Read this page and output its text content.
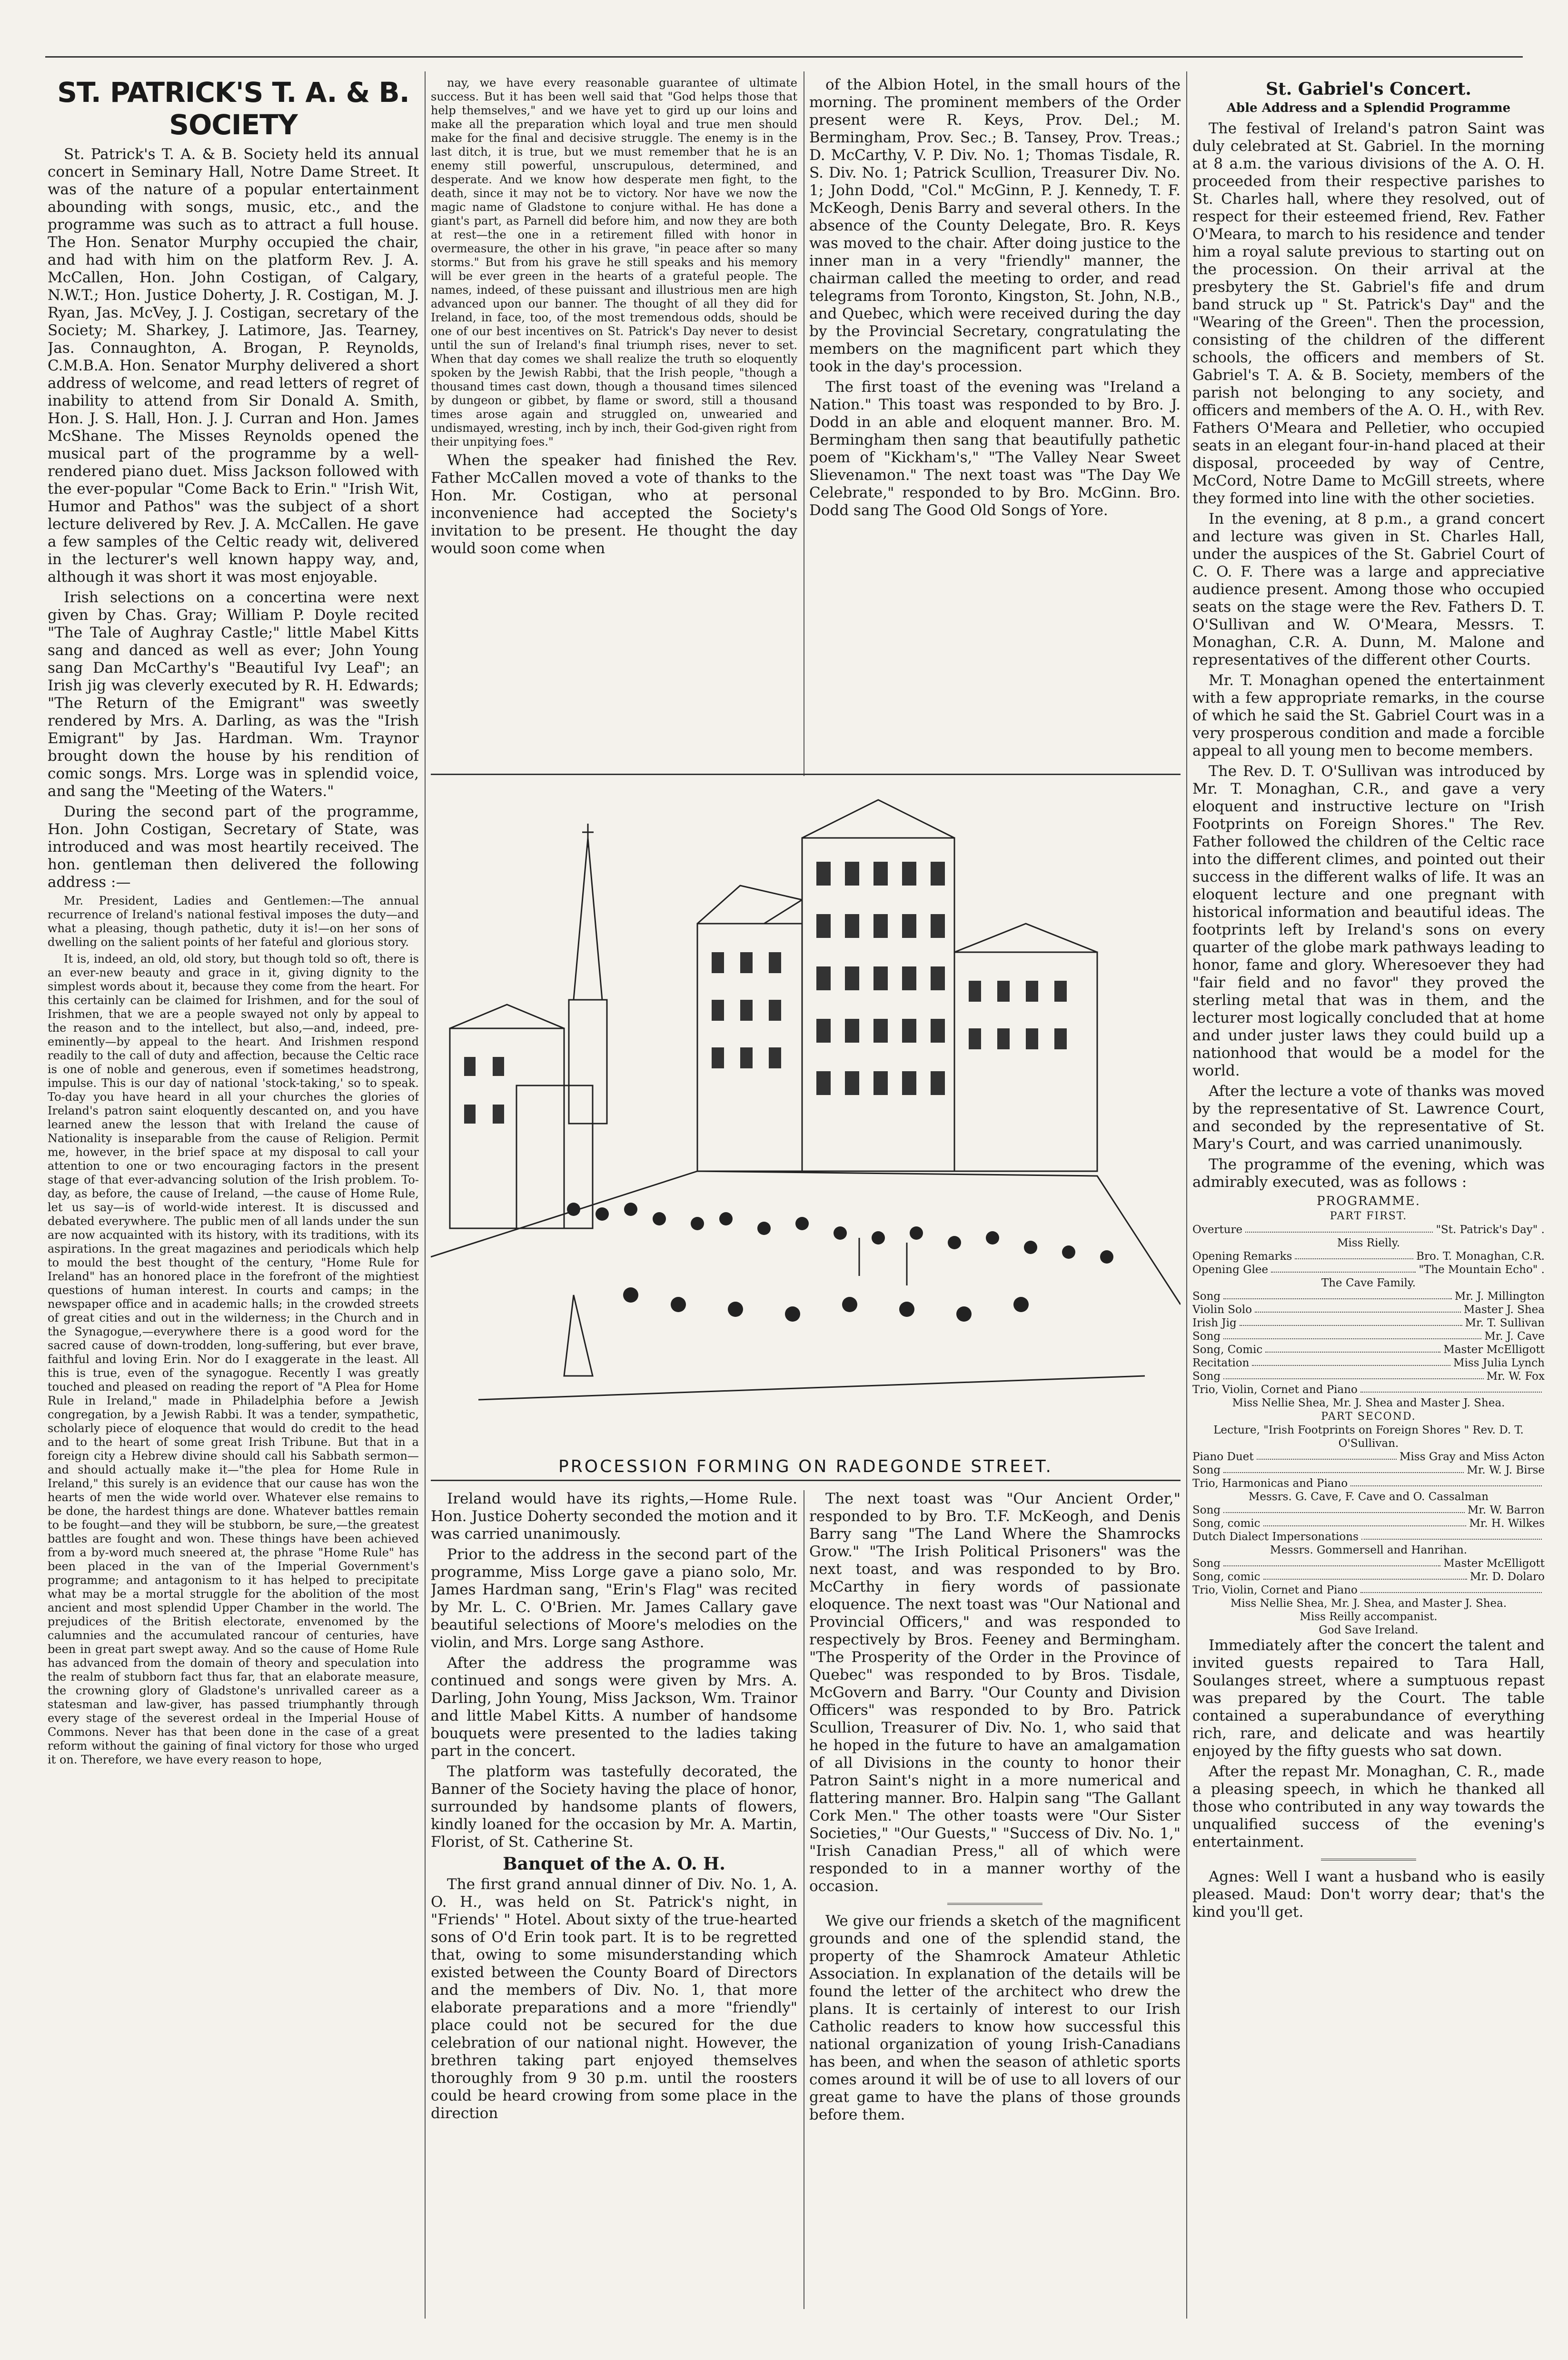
ST. PATRICK'S T. A. & B. SOCIETY

St. Patrick's T. A. & B. Society held its annual concert in Seminary Hall, Notre Dame Street. It was of the nature of a popular entertainment abounding with songs, music, etc., and the programme was such as to attract a full house. The Hon. Senator Murphy occupied the chair, and had with him on the platform Rev. J. A. McCallen, Hon. John Costigan, of Calgary, N.W.T.; Hon. Justice Doherty, J. R. Costigan, M. J. Ryan, Jas. McVey, J. J. Costigan, secretary of the Society; M. Sharkey, J. Latimore, Jas. Tearney, Jas. Connaughton, A. Brogan, P. Reynolds, C.M.B.A. Hon. Senator Murphy delivered a short address of welcome, and read letters of regret of inability to attend from Sir Donald A. Smith, Hon. J. S. Hall, Hon. J. J. Curran and Hon. James McShane. The Misses Reynolds opened the musical part of the programme by a well-rendered piano duet. Miss Jackson followed with the ever-popular "Come Back to Erin." "Irish Wit, Humor and Pathos" was the subject of a short lecture delivered by Rev. J. A. McCallen. He gave a few samples of the Celtic ready wit, delivered in the lecturer's well known happy way, and, although it was short it was most enjoyable.

Irish selections on a concertina were next given by Chas. Gray; William P. Doyle recited "The Tale of Aughray Castle;" little Mabel Kitts sang and danced as well as ever; John Young sang Dan McCarthy's "Beautiful Ivy Leaf"; an Irish jig was cleverly executed by R. H. Edwards; "The Return of the Emigrant" was sweetly rendered by Mrs. A. Darling, as was the "Irish Emigrant" by Jas. Hardman. Wm. Traynor brought down the house by his rendition of comic songs. Mrs. Lorge was in splendid voice, and sang the "Meeting of the Waters."

During the second part of the programme, Hon. John Costigan, Secretary of State, was introduced and was most heartily received. The hon. gentleman then delivered the following address :—

Mr. President, Ladies and Gentlemen:—The annual recurrence of Ireland's national festival imposes the duty—and what a pleasing, though pathetic, duty it is!—on her sons of dwelling on the salient points of her fateful and glorious story.

It is, indeed, an old, old story, but though told so oft, there is an ever-new beauty and grace in it, giving dignity to the simplest words about it, because they come from the heart. For this certainly can be claimed for Irishmen, and for the soul of Irishmen, that we are a people swayed not only by appeal to the reason and to the intellect, but also,—and, indeed, pre-eminently—by appeal to the heart. And Irishmen respond readily to the call of duty and affection, because the Celtic race is one of noble and generous, even if sometimes headstrong, impulse. This is our day of national 'stock-taking,' so to speak. To-day you have heard in all your churches the glories of Ireland's patron saint eloquently descanted on, and you have learned anew the lesson that with Ireland the cause of Nationality is inseparable from the cause of Religion. Permit me, however, in the brief space at my disposal to call your attention to one or two encouraging factors in the present stage of that ever-advancing solution of the Irish problem. To-day, as before, the cause of Ireland, —the cause of Home Rule, let us say—is of world-wide interest. It is discussed and debated everywhere. The public men of all lands under the sun are now acquainted with its history, with its traditions, with its aspirations. In the great magazines and periodicals which help to mould the best thought of the century, "Home Rule for Ireland" has an honored place in the forefront of the mightiest questions of human interest. In courts and camps; in the newspaper office and in academic halls; in the crowded streets of great cities and out in the wilderness; in the Church and in the Synagogue,—everywhere there is a good word for the sacred cause of down-trodden, long-suffering, but ever brave, faithful and loving Erin. Nor do I exaggerate in the least. All this is true, even of the synagogue. Recently I was greatly touched and pleased on reading the report of "A Plea for Home Rule in Ireland," made in Philadelphia before a Jewish congregation, by a Jewish Rabbi. It was a tender, sympathetic, scholarly piece of eloquence that would do credit to the head and to the heart of some great Irish Tribune. But that in a foreign city a Hebrew divine should call his Sabbath sermon—and should actually make it—"the plea for Home Rule in Ireland," this surely is an evidence that our cause has won the hearts of men the wide world over. Whatever else remains to be done, the hardest things are done. Whatever battles remain to be fought—and they will be stubborn, be sure,—the greatest battles are fought and won. These things have been achieved from a by-word much sneered at, the phrase "Home Rule" has been placed in the van of the Imperial Government's programme; and antagonism to it has helped to precipitate what may be a mortal struggle for the abolition of the most ancient and most splendid Upper Chamber in the world. The prejudices of the British electorate, envenomed by the calumnies and the accumulated rancour of centuries, have been in great part swept away. And so the cause of Home Rule has advanced from the domain of theory and speculation into the realm of stubborn fact thus far, that an elaborate measure, the crowning glory of Gladstone's unrivalled career as a statesman and law-giver, has passed triumphantly through every stage of the severest ordeal in the Imperial House of Commons. Never has that been done in the case of a great reform without the gaining of final victory for those who urged it on. Therefore, we have every reason to hope,

nay, we have every reasonable guarantee of ultimate success. But it has been well said that "God helps those that help themselves," and we have yet to gird up our loins and make all the preparation which loyal and true men should make for the final and decisive struggle. The enemy is in the last ditch, it is true, but we must remember that he is an enemy still powerful, unscrupulous, determined, and desperate. And we know how desperate men fight, to the death, since it may not be to victory. Nor have we now the magic name of Gladstone to conjure withal. He has done a giant's part, as Parnell did before him, and now they are both at rest—the one in a retirement filled with honor in overmeasure, the other in his grave, "in peace after so many storms." But from his grave he still speaks and his memory will be ever green in the hearts of a grateful people. The names, indeed, of these puissant and illustrious men are high advanced upon our banner. The thought of all they did for Ireland, in face, too, of the most tremendous odds, should be one of our best incentives on St. Patrick's Day never to desist until the sun of Ireland's final triumph rises, never to set. When that day comes we shall realize the truth so eloquently spoken by the Jewish Rabbi, that the Irish people, "though a thousand times cast down, though a thousand times silenced by dungeon or gibbet, by flame or sword, still a thousand times arose again and struggled on, unwearied and undismayed, wresting, inch by inch, their God-given right from their unpitying foes."

When the speaker had finished the Rev. Father McCallen moved a vote of thanks to the Hon. Mr. Costigan, who at personal inconvenience had accepted the Society's invitation to be present. He thought the day would soon come when

of the Albion Hotel, in the small hours of the morning. The prominent members of the Order present were R. Keys, Prov. Del.; M. Bermingham, Prov. Sec.; B. Tansey, Prov. Treas.; D. McCarthy, V. P. Div. No. 1; Thomas Tisdale, R. S. Div. No. 1; Patrick Scullion, Treasurer Div. No. 1; John Dodd, "Col." McGinn, P. J. Kennedy, T. F. McKeogh, Denis Barry and several others. In the absence of the County Delegate, Bro. R. Keys was moved to the chair. After doing justice to the inner man in a very "friendly" manner, the chairman called the meeting to order, and read telegrams from Toronto, Kingston, St. John, N.B., and Quebec, which were received during the day by the Provincial Secretary, congratulating the members on the magnificent part which they took in the day's procession.

The first toast of the evening was "Ireland a Nation." This toast was responded to by Bro. J. Dodd in an able and eloquent manner. Bro. M. Bermingham then sang that beautifully pathetic poem of "Kickham's," "The Valley Near Sweet Slievenamon." The next toast was "The Day We Celebrate," responded to by Bro. McGinn. Bro. Dodd sang The Good Old Songs of Yore.

PROCESSION FORMING ON RADEGONDE STREET.

Ireland would have its rights,—Home Rule. Hon. Justice Doherty seconded the motion and it was carried unanimously.

Prior to the address in the second part of the programme, Miss Lorge gave a piano solo, Mr. James Hardman sang, "Erin's Flag" was recited by Mr. L. C. O'Brien. Mr. James Callary gave beautiful selections of Moore's melodies on the violin, and Mrs. Lorge sang Asthore.

After the address the programme was continued and songs were given by Mrs. A. Darling, John Young, Miss Jackson, Wm. Trainor and little Mabel Kitts. A number of handsome bouquets were presented to the ladies taking part in the concert.

The platform was tastefully decorated, the Banner of the Society having the place of honor, surrounded by handsome plants of flowers, kindly loaned for the occasion by Mr. A. Martin, Florist, of St. Catherine St.

Banquet of the A. O. H.

The first grand annual dinner of Div. No. 1, A. O. H., was held on St. Patrick's night, in "Friends' " Hotel. About sixty of the true-hearted sons of O'd Erin took part. It is to be regretted that, owing to some misunderstanding which existed between the County Board of Directors and the members of Div. No. 1, that more elaborate preparations and a more "friendly" place could not be secured for the due celebration of our national night. However, the brethren taking part enjoyed themselves thoroughly from 9 30 p.m. until the roosters could be heard crowing from some place in the direction

The next toast was "Our Ancient Order," responded to by Bro. T.F. McKeogh, and Denis Barry sang "The Land Where the Shamrocks Grow." "The Irish Political Prisoners" was the next toast, and was responded to by Bro. McCarthy in fiery words of passionate eloquence. The next toast was "Our National and Provincial Officers," and was responded to respectively by Bros. Feeney and Bermingham. "The Prosperity of the Order in the Province of Quebec" was responded to by Bros. Tisdale, McGovern and Barry. "Our County and Division Officers" was responded to by Bro. Patrick Scullion, Treasurer of Div. No. 1, who said that he hoped in the future to have an amalgamation of all Divisions in the county to honor their Patron Saint's night in a more numerical and flattering manner. Bro. Halpin sang "The Gallant Cork Men." The other toasts were "Our Sister Societies," "Our Guests," "Success of Div. No. 1," "Irish Canadian Press," all of which were responded to in a manner worthy of the occasion.

We give our friends a sketch of the magnificent grounds and one of the splendid stand, the property of the Shamrock Amateur Athletic Association. In explanation of the details will be found the letter of the architect who drew the plans. It is certainly of interest to our Irish Catholic readers to know how successful this national organization of young Irish-Canadians has been, and when the season of athletic sports comes around it will be of use to all lovers of our great game to have the plans of those grounds before them.

St. Gabriel's Concert.
Able Address and a Splendid Programme

The festival of Ireland's patron Saint was duly celebrated at St. Gabriel. In the morning at 8 a.m. the various divisions of the A. O. H. proceeded from their respective parishes to St. Charles hall, where they resolved, out of respect for their esteemed friend, Rev. Father O'Meara, to march to his residence and tender him a royal salute previous to starting out on the procession. On their arrival at the presbytery the St. Gabriel's fife and drum band struck up " St. Patrick's Day" and the "Wearing of the Green". Then the procession, consisting of the children of the different schools, the officers and members of St. Gabriel's T. A. & B. Society, members of the parish not belonging to any society, and officers and members of the A. O. H., with Rev. Fathers O'Meara and Pelletier, who occupied seats in an elegant four-in-hand placed at their disposal, proceeded by way of Centre, McCord, Notre Dame to McGill streets, where they formed into line with the other societies.

In the evening, at 8 p.m., a grand concert and lecture was given in St. Charles Hall, under the auspices of the St. Gabriel Court of C. O. F. There was a large and appreciative audience present. Among those who occupied seats on the stage were the Rev. Fathers D. T. O'Sullivan and W. O'Meara, Messrs. T. Monaghan, C.R. A. Dunn, M. Malone and representatives of the different other Courts.

Mr. T. Monaghan opened the entertainment with a few appropriate remarks, in the course of which he said the St. Gabriel Court was in a very prosperous condition and made a forcible appeal to all young men to become members.

The Rev. D. T. O'Sullivan was introduced by Mr. T. Monaghan, C.R., and gave a very eloquent and instructive lecture on "Irish Footprints on Foreign Shores." The Rev. Father followed the children of the Celtic race into the different climes, and pointed out their success in the different walks of life. It was an eloquent lecture and one pregnant with historical information and beautiful ideas. The footprints left by Ireland's sons on every quarter of the globe mark pathways leading to honor, fame and glory. Wheresoever they had "fair field and no favor" they proved the sterling metal that was in them, and the lecturer most logically concluded that at home and under juster laws they could build up a nationhood that would be a model for the world.

After the lecture a vote of thanks was moved by the representative of St. Lawrence Court, and seconded by the representative of St. Mary's Court, and was carried unanimously.

The programme of the evening, which was admirably executed, was as follows :

PROGRAMME.
PART FIRST.
Overture	"St. Patrick's Day" .
Miss Rielly.
Opening Remarks	Bro. T. Monaghan, C.R.
Opening Glee	"The Mountain Echo" .
The Cave Family.
Song	Mr. J. Millington
Violin Solo	Master J. Shea
Irish Jig	Mr. T. Sullivan
Song	Mr. J. Cave
Song, Comic	Master McElligott
Recitation	Miss Julia Lynch
Song	Mr. W. Fox
Trio, Violin, Cornet and Piano
Miss Nellie Shea, Mr. J. Shea and Master J. Shea.
PART SECOND.
Lecture, "Irish Footprints on Foreign Shores " Rev. D. T. O'Sullivan.
Piano Duet	Miss Gray and Miss Acton
Song	Mr. W. J. Birse
Trio, Harmonicas and Piano
Messrs. G. Cave, F. Cave and O. Cassalman
Song	Mr. W. Barron
Song, comic	Mr. H. Wilkes
Dutch Dialect Impersonations
Messrs. Gommersell and Hanrihan.
Song	Master McElligott
Song, comic	Mr. D. Dolaro
Trio, Violin, Cornet and Piano
Miss Nellie Shea, Mr. J. Shea, and Master J. Shea.
Miss Reilly accompanist.
God Save Ireland.

Immediately after the concert the talent and invited guests repaired to Tara Hall, Soulanges street, where a sumptuous repast was prepared by the Court. The table contained a superabundance of everything rich, rare, and delicate and was heartily enjoyed by the fifty guests who sat down.

After the repast Mr. Monaghan, C. R., made a pleasing speech, in which he thanked all those who contributed in any way towards the unqualified success of the evening's entertainment.

Agnes: Well I want a husband who is easily pleased. Maud: Don't worry dear; that's the kind you'll get.
